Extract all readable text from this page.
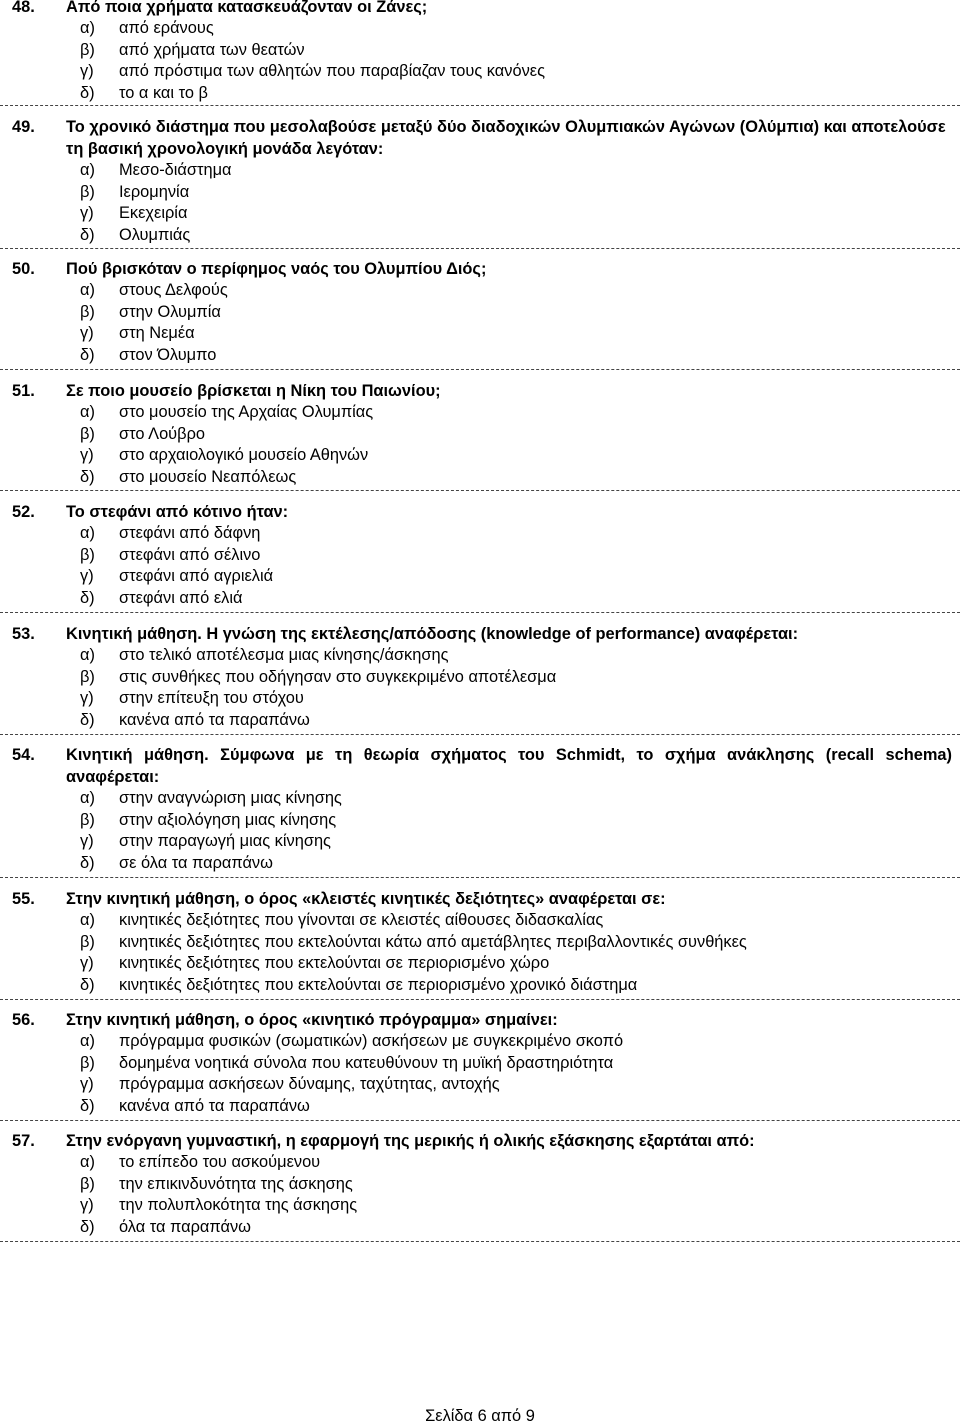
48.	Από ποια χρήματα κατασκευάζονταν οι Ζάνες;
α)	από εράνους
β)	από χρήματα των θεατών
γ)	από πρόστιμα των αθλητών που παραβίαζαν τους κανόνες
δ)	το α και το β
49.	Το χρονικό διάστημα που μεσολαβούσε μεταξύ δύο διαδοχικών Ολυμπιακών Αγώνων (Ολύμπια) και αποτελούσε τη βασική χρονολογική μονάδα λεγόταν:
α)	Μεσο-διάστημα
β)	Ιερομηνία
γ)	Εκεχειρία
δ)	Ολυμπιάς
50.	Πού βρισκόταν ο περίφημος ναός του Ολυμπίου Διός;
α)	στους Δελφούς
β)	στην Ολυμπία
γ)	στη Νεμέα
δ)	στον Όλυμπο
51.	Σε ποιο μουσείο βρίσκεται η Νίκη του Παιωνίου;
α)	στο μουσείο της Αρχαίας Ολυμπίας
β)	στο Λούβρο
γ)	στο αρχαιολογικό μουσείο Αθηνών
δ)	στο μουσείο Νεαπόλεως
52.	Το στεφάνι από κότινο ήταν:
α)	στεφάνι από δάφνη
β)	στεφάνι από σέλινο
γ)	στεφάνι από αγριελιά
δ)	στεφάνι από ελιά
53.	Κινητική μάθηση. Η γνώση της εκτέλεσης/απόδοσης (knowledge of performance) αναφέρεται:
α)	στο τελικό αποτέλεσμα μιας κίνησης/άσκησης
β)	στις συνθήκες που οδήγησαν στο συγκεκριμένο αποτέλεσμα
γ)	στην επίτευξη του στόχου
δ)	κανένα από τα παραπάνω
54.	Κινητική μάθηση. Σύμφωνα με τη θεωρία σχήματος του Schmidt, το σχήμα ανάκλησης (recall schema) αναφέρεται:
α)	στην αναγνώριση μιας κίνησης
β)	στην αξιολόγηση μιας κίνησης
γ)	στην παραγωγή μιας κίνησης
δ)	σε όλα τα παραπάνω
55.	Στην κινητική μάθηση, ο όρος «κλειστές κινητικές δεξιότητες» αναφέρεται σε:
α)	κινητικές δεξιότητες που γίνονται σε κλειστές αίθουσες διδασκαλίας
β)	κινητικές δεξιότητες που εκτελούνται κάτω από αμετάβλητες περιβαλλοντικές συνθήκες
γ)	κινητικές δεξιότητες που εκτελούνται σε περιορισμένο χώρο
δ)	κινητικές δεξιότητες που εκτελούνται σε περιορισμένο χρονικό διάστημα
56.	Στην κινητική μάθηση, ο όρος «κινητικό πρόγραμμα» σημαίνει:
α)	πρόγραμμα φυσικών (σωματικών) ασκήσεων με συγκεκριμένο σκοπό
β)	δομημένα νοητικά σύνολα που κατευθύνουν τη μυϊκή δραστηριότητα
γ)	πρόγραμμα ασκήσεων δύναμης, ταχύτητας, αντοχής
δ)	κανένα από τα παραπάνω
57.	Στην ενόργανη γυμναστική, η εφαρμογή της μερικής ή ολικής εξάσκησης εξαρτάται από:
α)	το επίπεδο του ασκούμενου
β)	την επικινδυνότητα της άσκησης
γ)	την πολυπλοκότητα της άσκησης
δ)	όλα τα παραπάνω
Σελίδα 6 από 9
